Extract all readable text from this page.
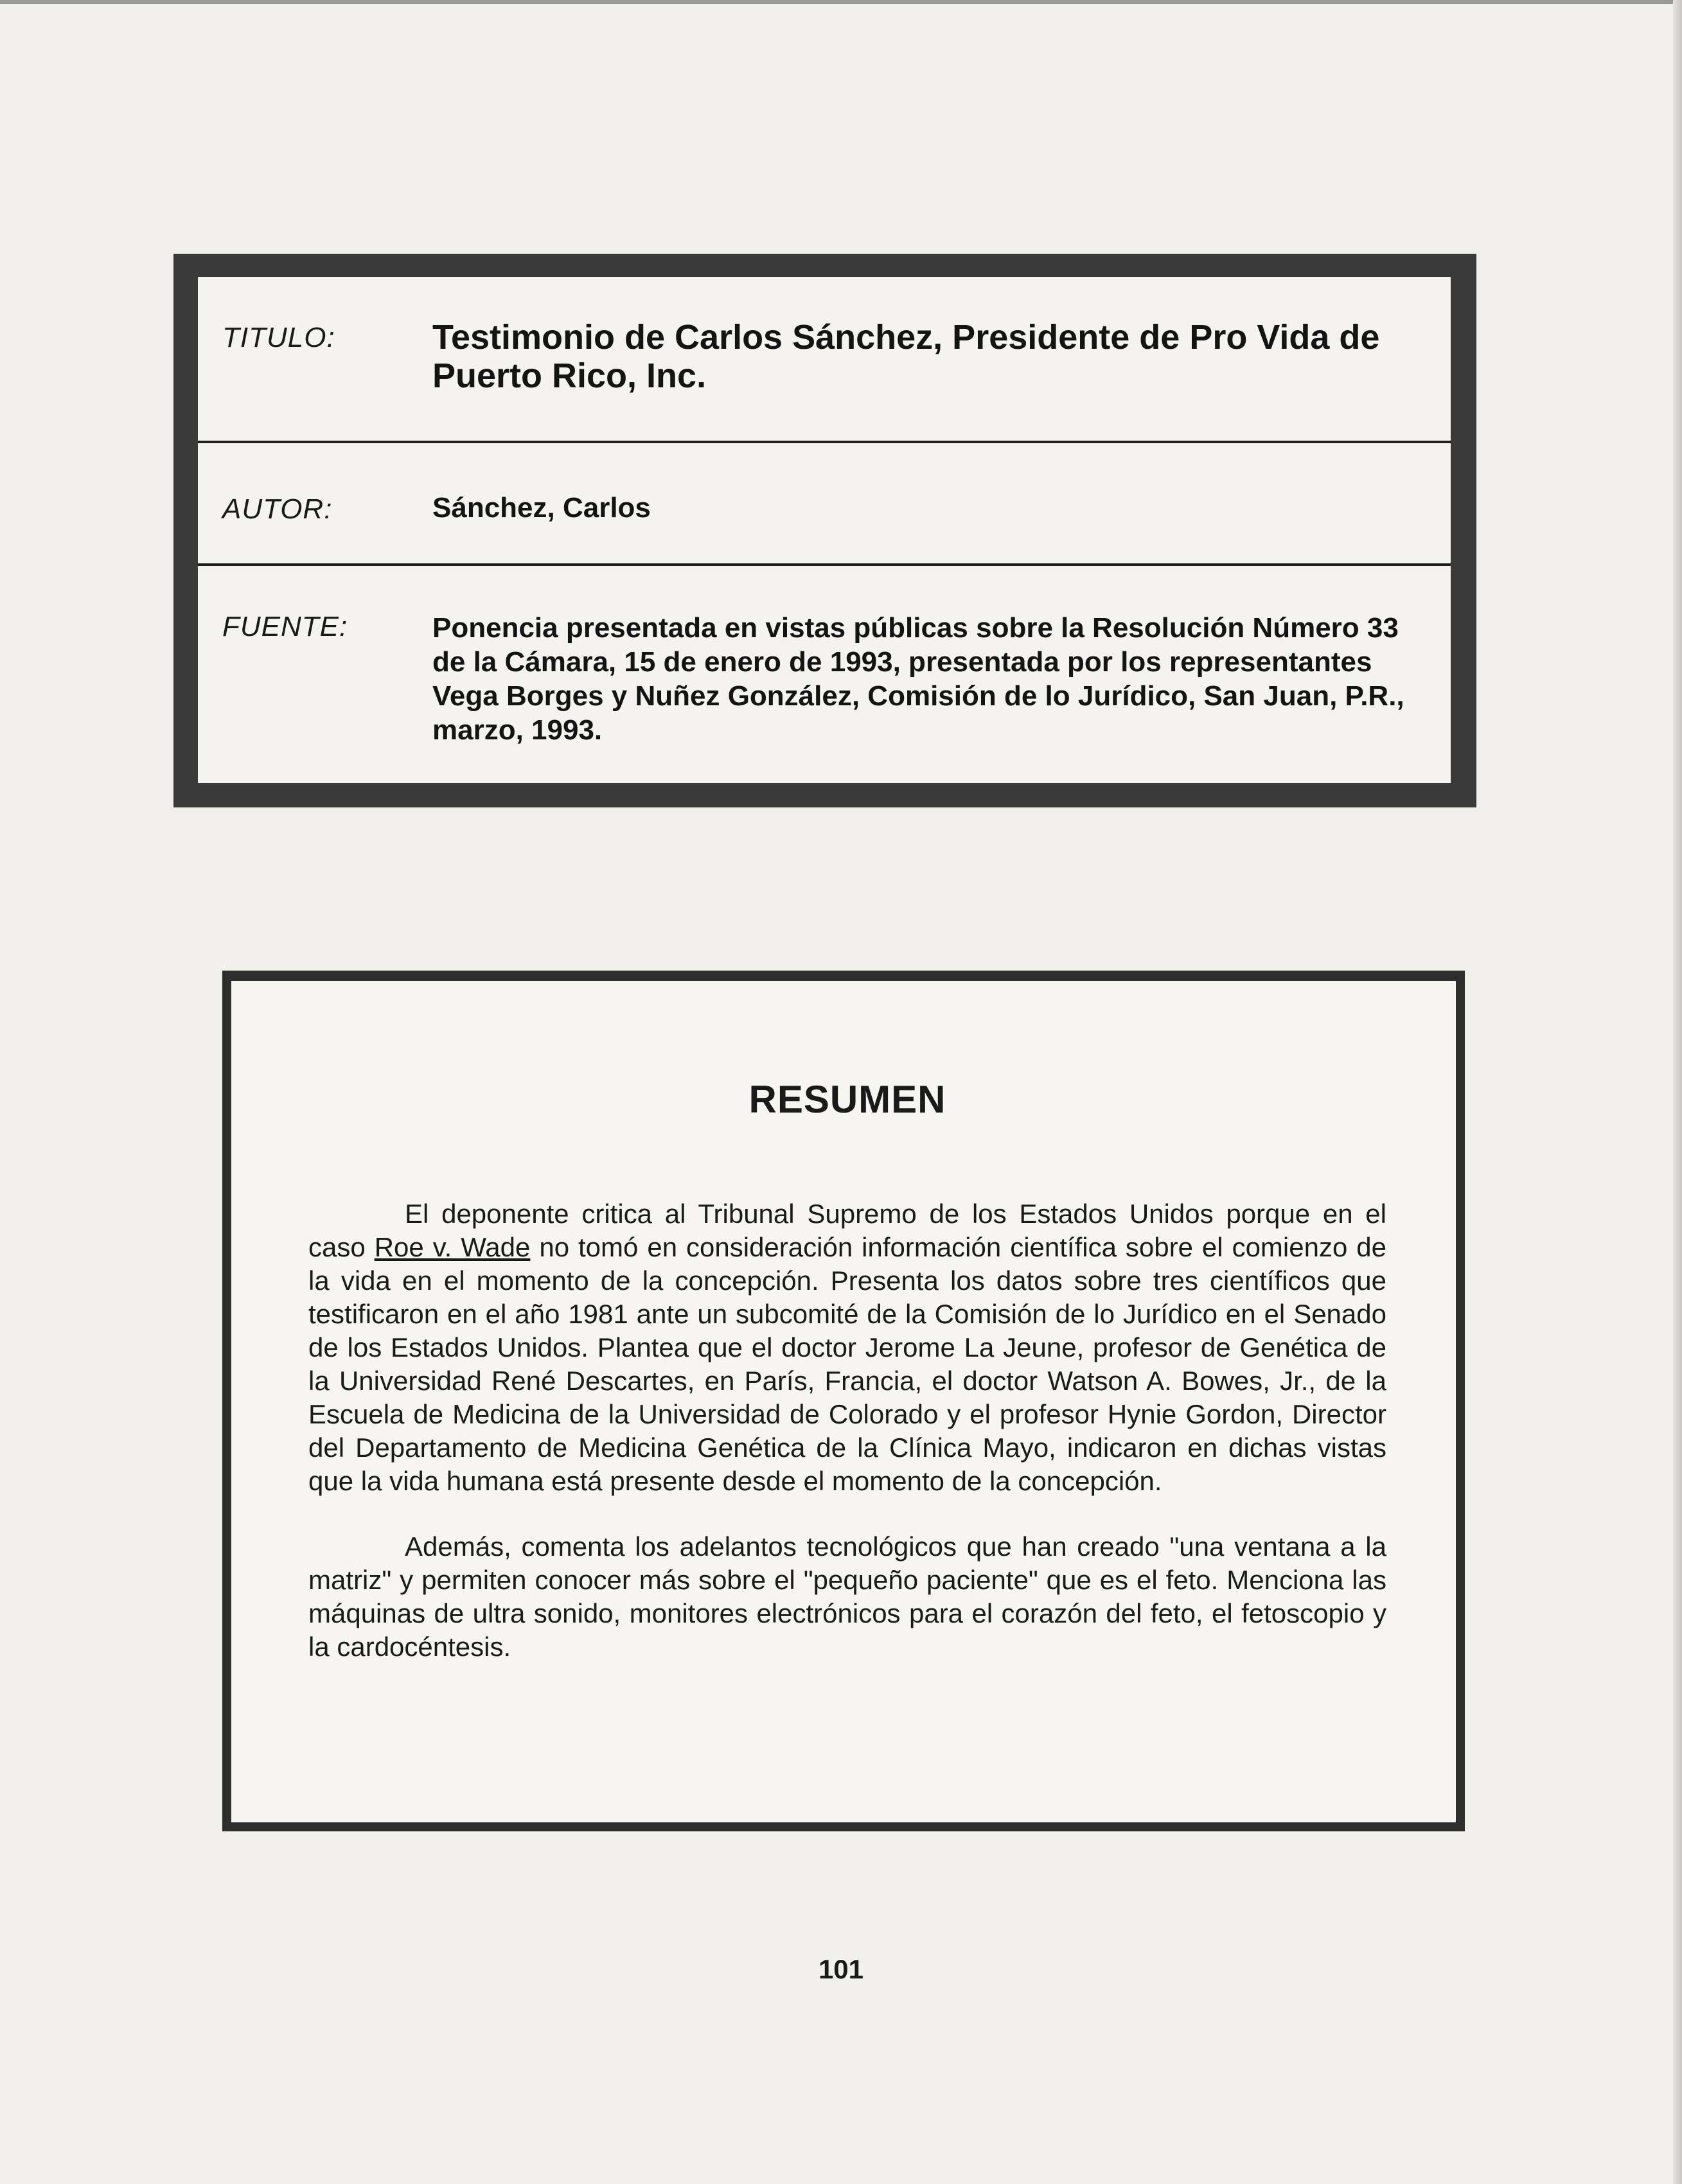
TITULO:	Testimonio de Carlos Sánchez, Presidente de Pro Vida de Puerto Rico, Inc.
AUTOR:	Sánchez, Carlos
FUENTE:	Ponencia presentada en vistas públicas sobre la Resolución Número 33 de la Cámara, 15 de enero de 1993, presentada por los representantes Vega Borges y Nuñez González, Comisión de lo Jurídico, San Juan, P.R., marzo, 1993.
RESUMEN

El deponente critica al Tribunal Supremo de los Estados Unidos porque en el caso Roe v. Wade no tomó en consideración información científica sobre el comienzo de la vida en el momento de la concepción. Presenta los datos sobre tres científicos que testificaron en el año 1981 ante un subcomité de la Comisión de lo Jurídico en el Senado de los Estados Unidos. Plantea que el doctor Jerome La Jeune, profesor de Genética de la Universidad René Descartes, en París, Francia, el doctor Watson A. Bowes, Jr., de la Escuela de Medicina de la Universidad de Colorado y el profesor Hynie Gordon, Director del Departamento de Medicina Genética de la Clínica Mayo, indicaron en dichas vistas que la vida humana está presente desde el momento de la concepción.

Además, comenta los adelantos tecnológicos que han creado "una ventana a la matriz" y permiten conocer más sobre el "pequeño paciente" que es el feto. Menciona las máquinas de ultra sonido, monitores electrónicos para el corazón del feto, el fetoscopio y la cardocéntesis.

101
